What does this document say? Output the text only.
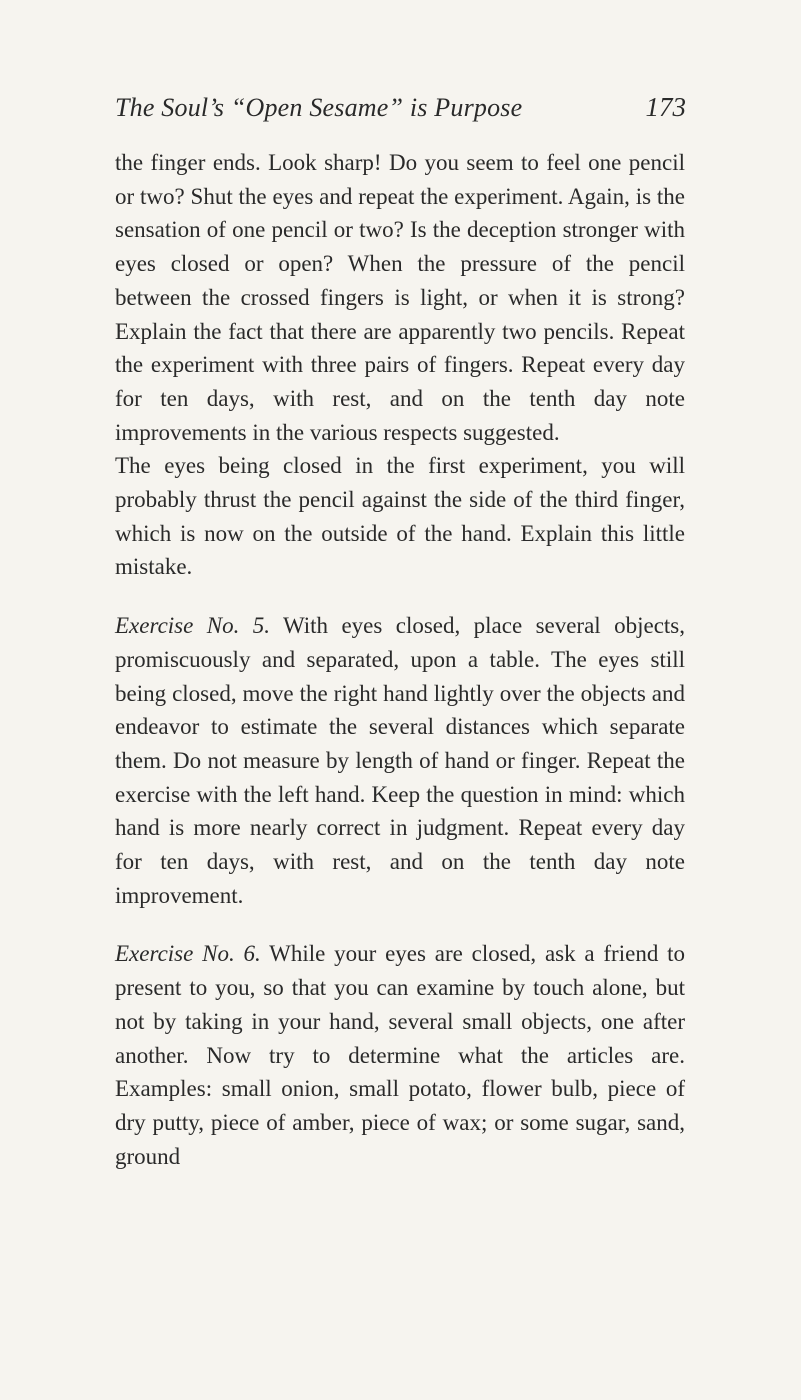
The Soul’s “Open Sesame” is Purpose	173

the finger ends. Look sharp! Do you seem to feel one pencil or two? Shut the eyes and repeat the experiment. Again, is the sensation of one pencil or two? Is the deception stronger with eyes closed or open? When the pressure of the pencil between the crossed fingers is light, or when it is strong? Explain the fact that there are apparently two pencils. Repeat the experiment with three pairs of fingers. Repeat every day for ten days, with rest, and on the tenth day note improvements in the various respects suggested.

The eyes being closed in the first experiment, you will probably thrust the pencil against the side of the third finger, which is now on the outside of the hand. Explain this little mistake.

Exercise No. 5. With eyes closed, place several objects, promiscuously and separated, upon a table. The eyes still being closed, move the right hand lightly over the objects and endeavor to estimate the several distances which separate them. Do not measure by length of hand or finger. Repeat the exercise with the left hand. Keep the question in mind: which hand is more nearly correct in judgment. Repeat every day for ten days, with rest, and on the tenth day note improvement.

Exercise No. 6. While your eyes are closed, ask a friend to present to you, so that you can examine by touch alone, but not by taking in your hand, several small objects, one after another. Now try to determine what the articles are. Examples: small onion, small potato, flower bulb, piece of dry putty, piece of amber, piece of wax; or some sugar, sand, ground
